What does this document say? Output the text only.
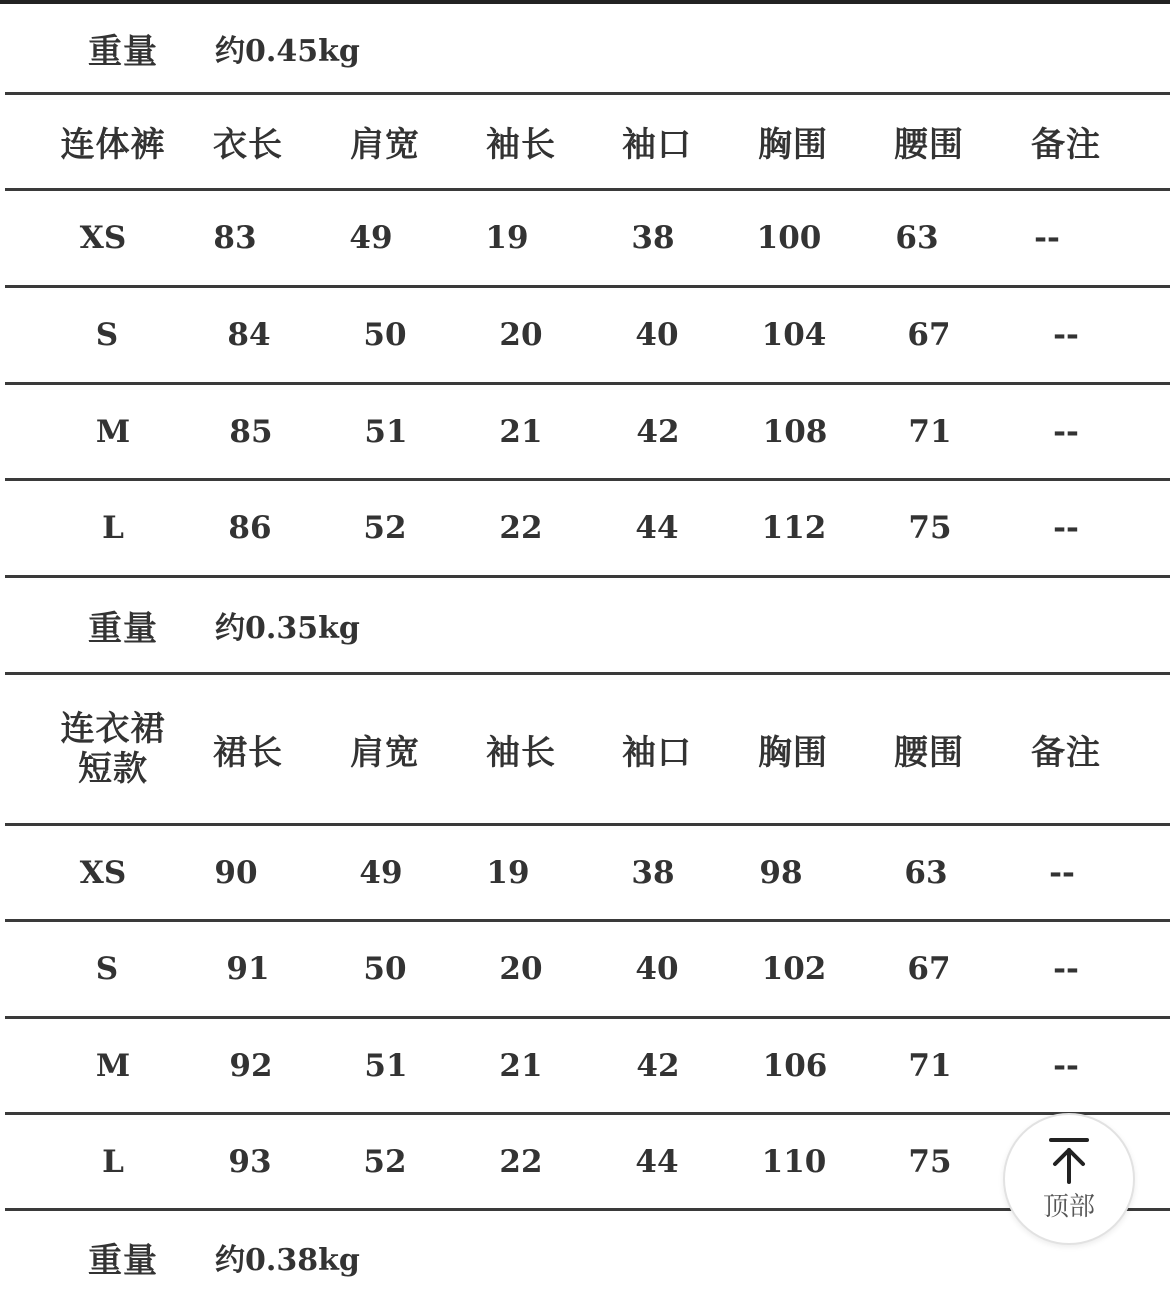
重量	约0.45kg
连体裤	衣长	肩宽	袖长	袖口	胸围	腰围	备注
XS	83	49	19	38	100	63	--
S	84	50	20	40	104	67	--
M	85	51	21	42	108	71	--
L	86	52	22	44	112	75	--
重量	约0.35kg
连衣裙
短款	裙长	肩宽	袖长	袖口	胸围	腰围	备注
XS	90	49	19	38	98	63	--
S	91	50	20	40	102	67	--
M	92	51	21	42	106	71	--
L	93	52	22	44	110	75
重量	约0.38kg
顶部
